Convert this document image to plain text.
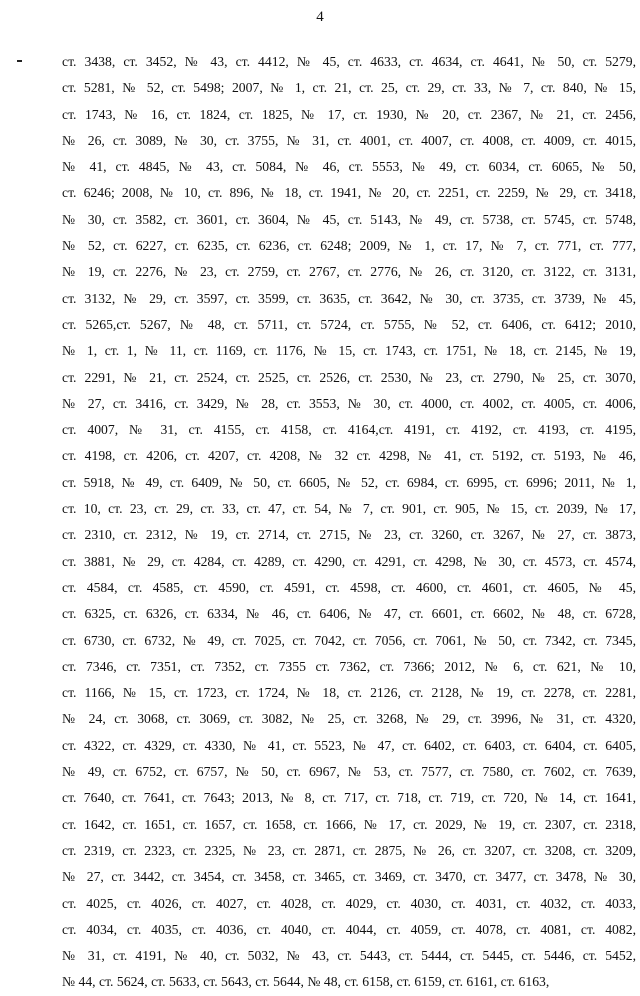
4
ст. 3438, ст. 3452, № 43, ст. 4412, № 45, ст. 4633, ст. 4634, ст. 4641, № 50, ст. 5279,
ст. 5281, № 52, ст. 5498; 2007, № 1, ст. 21, ст. 25, ст. 29, ст. 33, № 7, ст. 840, № 15,
ст. 1743, № 16, ст. 1824, ст. 1825, № 17, ст. 1930, № 20, ст. 2367, № 21, ст. 2456,
№ 26, ст. 3089, № 30, ст. 3755, № 31, ст. 4001, ст. 4007, ст. 4008, ст. 4009, ст. 4015,
№ 41, ст. 4845, № 43, ст. 5084, № 46, ст. 5553, № 49, ст. 6034, ст. 6065, № 50,
ст. 6246; 2008, № 10, ст. 896, № 18, ст. 1941, № 20, ст. 2251, ст. 2259, № 29, ст. 3418,
№ 30, ст. 3582, ст. 3601, ст. 3604, № 45, ст. 5143, № 49, ст. 5738, ст. 5745, ст. 5748,
№ 52, ст. 6227, ст. 6235, ст. 6236, ст. 6248; 2009, № 1, ст. 17, № 7, ст. 771, ст. 777,
№ 19, ст. 2276, № 23, ст. 2759, ст. 2767, ст. 2776, № 26, ст. 3120, ст. 3122, ст. 3131,
ст. 3132, № 29, ст. 3597, ст. 3599, ст. 3635, ст. 3642, № 30, ст. 3735, ст. 3739, № 45,
ст. 5265,ст. 5267, № 48, ст. 5711, ст. 5724, ст. 5755, № 52, ст. 6406, ст. 6412; 2010,
№ 1, ст. 1, № 11, ст. 1169, ст. 1176, № 15, ст. 1743, ст. 1751, № 18, ст. 2145, № 19,
ст. 2291, № 21, ст. 2524, ст. 2525, ст. 2526, ст. 2530, № 23, ст. 2790, № 25, ст. 3070,
№ 27, ст. 3416, ст. 3429, № 28, ст. 3553, № 30, ст. 4000, ст. 4002, ст. 4005, ст. 4006,
ст. 4007, № 31, ст. 4155, ст. 4158, ст. 4164,ст. 4191, ст. 4192, ст. 4193, ст. 4195,
ст. 4198, ст. 4206, ст. 4207, ст. 4208, № 32 ст. 4298, № 41, ст. 5192, ст. 5193, № 46,
ст. 5918, № 49, ст. 6409, № 50, ст. 6605, № 52, ст. 6984, ст. 6995, ст. 6996; 2011, № 1,
ст. 10, ст. 23, ст. 29, ст. 33, ст. 47, ст. 54, № 7, ст. 901, ст. 905, № 15, ст. 2039, № 17,
ст. 2310, ст. 2312, № 19, ст. 2714, ст. 2715, № 23, ст. 3260, ст. 3267, № 27, ст. 3873,
ст. 3881, № 29, ст. 4284, ст. 4289, ст. 4290, ст. 4291, ст. 4298, № 30, ст. 4573, ст. 4574,
ст. 4584, ст. 4585, ст. 4590, ст. 4591, ст. 4598, ст. 4600, ст. 4601, ст. 4605, № 45,
ст. 6325, ст. 6326, ст. 6334, № 46, ст. 6406, № 47, ст. 6601, ст. 6602, № 48, ст. 6728,
ст. 6730, ст. 6732, № 49, ст. 7025, ст. 7042, ст. 7056, ст. 7061, № 50, ст. 7342, ст. 7345,
ст. 7346, ст. 7351, ст. 7352, ст. 7355 ст. 7362, ст. 7366; 2012, № 6, ст. 621, № 10,
ст. 1166, № 15, ст. 1723, ст. 1724, № 18, ст. 2126, ст. 2128, № 19, ст. 2278, ст. 2281,
№ 24, ст. 3068, ст. 3069, ст. 3082, № 25, ст. 3268, № 29, ст. 3996, № 31, ст. 4320,
ст. 4322, ст. 4329, ст. 4330, № 41, ст. 5523, № 47, ст. 6402, ст. 6403, ст. 6404, ст. 6405,
№ 49, ст. 6752, ст. 6757, № 50, ст. 6967, № 53, ст. 7577, ст. 7580, ст. 7602, ст. 7639,
ст. 7640, ст. 7641, ст. 7643; 2013, № 8, ст. 717, ст. 718, ст. 719, ст. 720, № 14, ст. 1641,
ст. 1642, ст. 1651, ст. 1657, ст. 1658, ст. 1666, № 17, ст. 2029, № 19, ст. 2307, ст. 2318,
ст. 2319, ст. 2323, ст. 2325, № 23, ст. 2871, ст. 2875, № 26, ст. 3207, ст. 3208, ст. 3209,
№ 27, ст. 3442, ст. 3454, ст. 3458, ст. 3465, ст. 3469, ст. 3470, ст. 3477, ст. 3478, № 30,
ст. 4025, ст. 4026, ст. 4027, ст. 4028, ст. 4029, ст. 4030, ст. 4031, ст. 4032, ст. 4033,
ст. 4034, ст. 4035, ст. 4036, ст. 4040, ст. 4044, ст. 4059, ст. 4078, ст. 4081, ст. 4082,
№ 31, ст. 4191, № 40, ст. 5032, № 43, ст. 5443, ст. 5444, ст. 5445, ст. 5446, ст. 5452,
№ 44, ст. 5624, ст. 5633, ст. 5643, ст. 5644, № 48, ст. 6158, ст. 6159, ст. 6161, ст. 6163,
